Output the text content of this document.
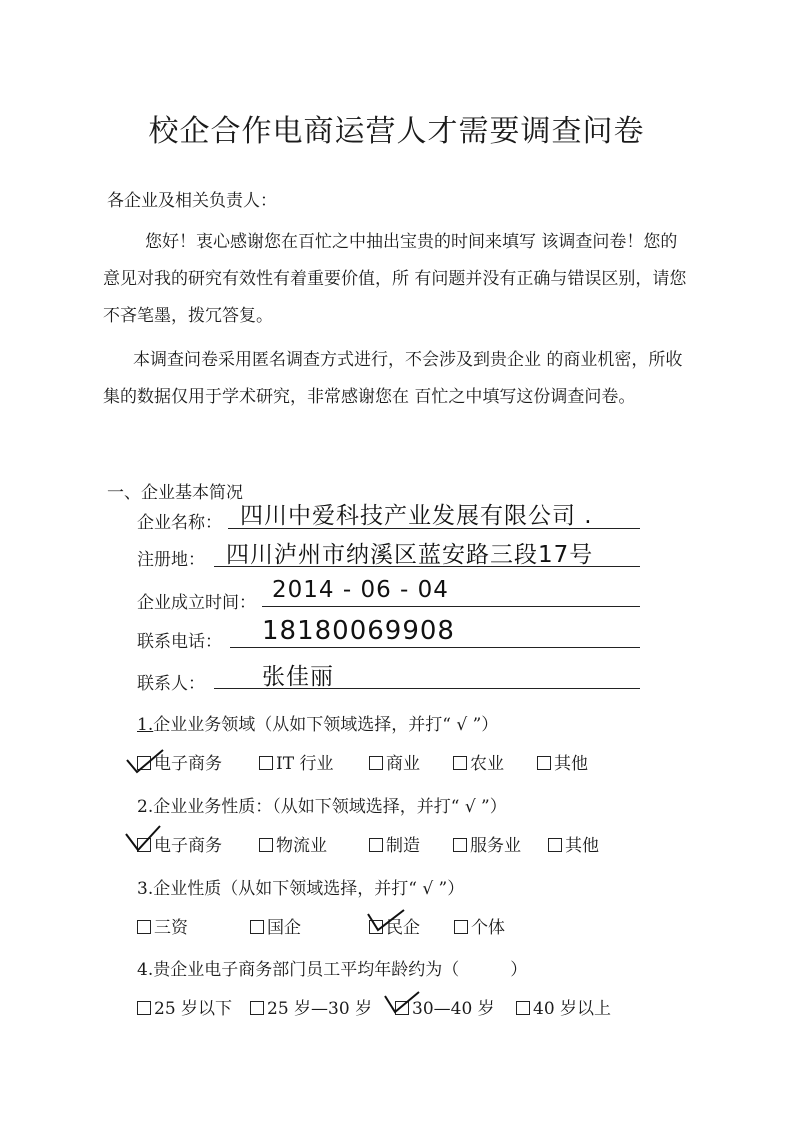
校企合作电商运营人才需要调查问卷
各企业及相关负责人：
您好！衷心感谢您在百忙之中抽出宝贵的时间来填写 该调查问卷！您的意见对我的研究有效性有着重要价值，所 有问题并没有正确与错误区别，请您不吝笔墨，拨冗答复。
本调查问卷采用匿名调查方式进行，不会涉及到贵企业 的商业机密，所收集的数据仅用于学术研究，非常感谢您在 百忙之中填写这份调查问卷。
一、企业基本简况
企业名称： 四川中爱科技产业发展有限公司 .
注册地： 四川泸州市纳溪区蓝安路三段17号
企业成立时间： 2014 - 06 - 04
联系电话： 18180069908
联系人： 张佳丽
1.企业业务领域（从如下领域选择，并打“ √ ”）
电子商务	IT 行业	商业	农业	其他
2.企业业务性质：（从如下领域选择，并打“ √ ”）
电子商务	物流业	制造	服务业	其他
3.企业性质（从如下领域选择，并打“ √ ”）
三资	国企	民企	个体
4.贵企业电子商务部门员工平均年龄约为（　　　）
25 岁以下	25 岁—30 岁	30—40 岁	40 岁以上
